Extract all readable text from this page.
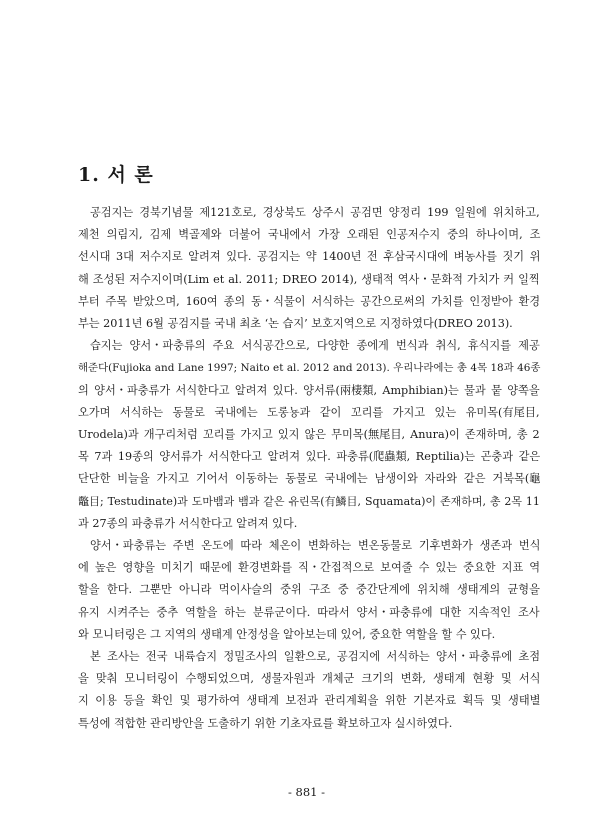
1. 서 론
공검지는 경북기념물 제121호로, 경상북도 상주시 공검면 양정리 199 일원에 위치하고,
제천 의림지, 김제 벽골제와 더불어 국내에서 가장 오래된 인공저수지 중의 하나이며, 조
선시대 3대 저수지로 알려져 있다. 공검지는 약 1400년 전 후삼국시대에 벼농사를 짓기 위
해 조성된 저수지이며(Lim et al. 2011; DREO 2014), 생태적 역사・문화적 가치가 커 일찍
부터 주목 받았으며, 160여 종의 동・식물이 서식하는 공간으로써의 가치를 인정받아 환경
부는 2011년 6월 공검지를 국내 최초 ‘논 습지’ 보호지역으로 지정하였다(DREO 2013).
습지는 양서・파충류의 주요 서식공간으로, 다양한 종에게 번식과 취식, 휴식지를 제공
해준다(Fujioka and Lane 1997; Naito et al. 2012 and 2013). 우리나라에는 총 4목 18과 46종
의 양서・파충류가 서식한다고 알려져 있다. 양서류(兩棲類, Amphibian)는 물과 뭍 양쪽을
오가며 서식하는 동물로 국내에는 도롱뇽과 같이 꼬리를 가지고 있는 유미목(有尾目,
Urodela)과 개구리처럼 꼬리를 가지고 있지 않은 무미목(無尾目, Anura)이 존재하며, 총 2
목 7과 19종의 양서류가 서식한다고 알려져 있다. 파충류(爬蟲類, Reptilia)는 곤충과 같은
단단한 비늘을 가지고 기어서 이동하는 동물로 국내에는 남생이와 자라와 같은 거북목(龜
鼈目; Testudinate)과 도마뱀과 뱀과 같은 유린목(有鱗目, Squamata)이 존재하며, 총 2목 11
과 27종의 파충류가 서식한다고 알려져 있다.
양서・파충류는 주변 온도에 따라 체온이 변화하는 변온동물로 기후변화가 생존과 번식
에 높은 영향을 미치기 때문에 환경변화를 직・간접적으로 보여줄 수 있는 중요한 지표 역
할을 한다. 그뿐만 아니라 먹이사슬의 중위 구조 중 중간단계에 위치해 생태계의 균형을
유지 시켜주는 중추 역할을 하는 분류군이다. 따라서 양서・파충류에 대한 지속적인 조사
와 모니터링은 그 지역의 생태계 안정성을 알아보는데 있어, 중요한 역할을 할 수 있다.
본 조사는 전국 내륙습지 정밀조사의 일환으로, 공검지에 서식하는 양서・파충류에 초점
을 맞춰 모니터링이 수행되었으며, 생물자원과 개체군 크기의 변화, 생태계 현황 및 서식
지 이용 등을 확인 및 평가하여 생태계 보전과 관리계획을 위한 기본자료 획득 및 생태별
특성에 적합한 관리방안을 도출하기 위한 기초자료를 확보하고자 실시하였다.
- 881 -
